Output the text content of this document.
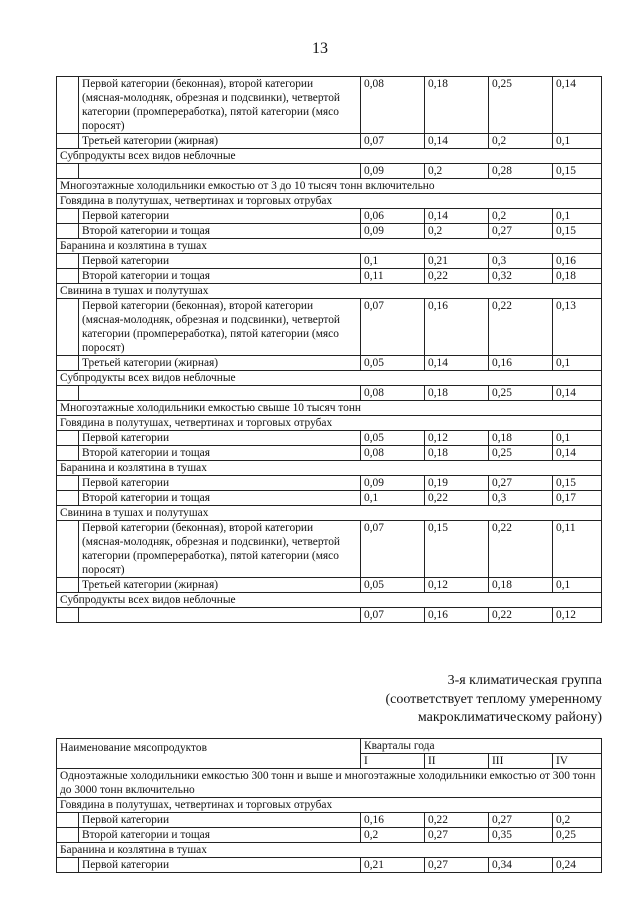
13
	Первой категории (беконная), второй категории (мясная-молодняк, обрезная и подсвинки), четвертой категории (промпереработка), пятой категории (мясо поросят)	0,08	0,18	0,25	0,14
	Третьей категории (жирная)	0,07	0,14	0,2	0,1
Субпродукты всех видов неблочные					
		0,09	0,2	0,28	0,15
Многоэтажные холодильники емкостью от 3 до 10 тысяч тонн включительно					
Говядина в полутушах, четвертинах и торговых отрубах					
	Первой категории	0,06	0,14	0,2	0,1
	Второй категории и тощая	0,09	0,2	0,27	0,15
Баранина и козлятина в тушах					
	Первой категории	0,1	0,21	0,3	0,16
	Второй категории и тощая	0,11	0,22	0,32	0,18
Свинина в тушах и полутушах					
	Первой категории (беконная), второй категории (мясная-молодняк, обрезная и подсвинки), четвертой категории (промпереработка), пятой категории (мясо поросят)	0,07	0,16	0,22	0,13
	Третьей категории (жирная)	0,05	0,14	0,16	0,1
Субпродукты всех видов неблочные					
		0,08	0,18	0,25	0,14
Многоэтажные холодильники емкостью свыше 10 тысяч тонн					
Говядина в полутушах, четвертинах и торговых отрубах					
	Первой категории	0,05	0,12	0,18	0,1
	Второй категории и тощая	0,08	0,18	0,25	0,14
Баранина и козлятина в тушах					
	Первой категории	0,09	0,19	0,27	0,15
	Второй категории и тощая	0,1	0,22	0,3	0,17
Свинина в тушах и полутушах					
	Первой категории (беконная), второй категории (мясная-молодняк, обрезная и подсвинки), четвертой категории (промпереработка), пятой категории (мясо поросят)	0,07	0,15	0,22	0,11
	Третьей категории (жирная)	0,05	0,12	0,18	0,1
Субпродукты всех видов неблочные					
		0,07	0,16	0,22	0,12
3-я климатическая группа
(соответствует теплому умеренному
макроклиматическому району)
Наименование мясопродуктов		Кварталы года			
		I	II	III	IV
Одноэтажные холодильники емкостью 300 тонн и выше и многоэтажные холодильники емкостью от 300 тонн до 3000 тонн включительно					
Говядина в полутушах, четвертинах и торговых отрубах					
	Первой категории	0,16	0,22	0,27	0,2
	Второй категории и тощая	0,2	0,27	0,35	0,25
Баранина и козлятина в тушах					
	Первой категории	0,21	0,27	0,34	0,24
